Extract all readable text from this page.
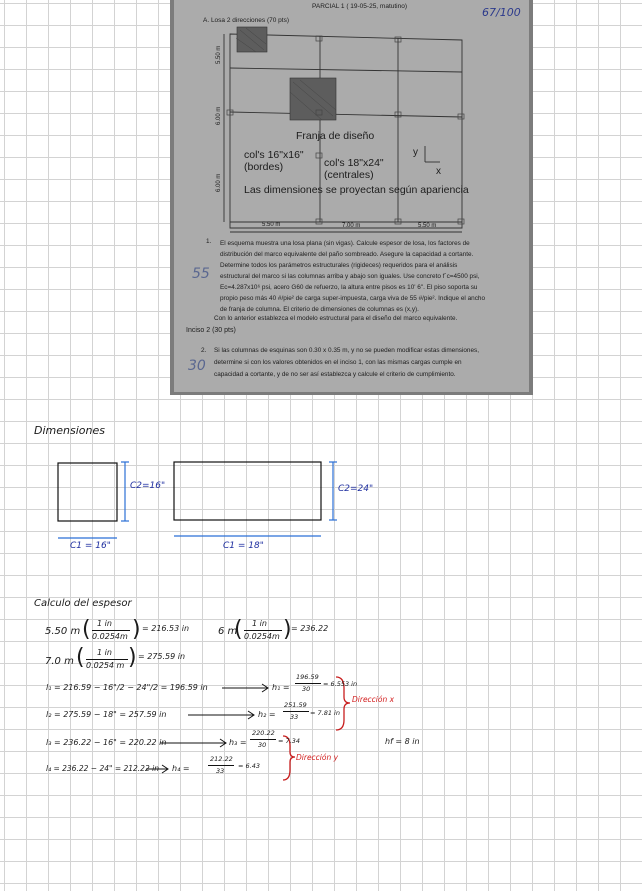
PARCIAL 1 ( 19-05-25, matutino)	67/100
A. Losa 2 direcciones (70 pts)
5.50 m
6.00 m
6.00 m
5.50 m	7.00 m	5.50 m
Franja de diseño
col's 16"x16"
(bordes)	col's 18"x24"
(centrales)
y
x
Las dimensiones se proyectan según apariencia
1. El esquema muestra una losa plana (sin vigas). Calcule espesor de losa, los factores de
distribución del marco equivalente del paño sombreado. Asegure la capacidad a cortante.
Determine todos los parámetros estructurales (rigideces) requeridos para el análisis
estructural del marco si las columnas arriba y abajo son iguales. Use concreto f´c=4500 psi,
Ec=4.287x10⁶ psi, acero G60 de refuerzo, la altura entre pisos es 10' 6". El piso soporta su
propio peso más 40 #/pie² de carga super-impuesta, carga viva de 55 #/pie². Indique el ancho
de franja de columna. El criterio de dimensiones de columnas es (x,y).
Con lo anterior establezca el modelo estructural para el diseño del marco equivalente.
55
Inciso 2 (30 pts)
2. Si las columnas de esquinas son 0.30 x 0.35 m, y no se pueden modificar estas dimensiones,
determine si con los valores obtenidos en el inciso 1, con las mismas cargas cumple en
capacidad a cortante, y de no ser así establezca y calcule el criterio de cumplimiento.
30
Dimensiones
C2=16"
C1 = 16"
C2=24"
C1 = 18"
Calculo del espesor
5.50 m ( 1 in
0.0254m ) = 216.53 in	6 m
( 1 in
0.0254m ) = 236.22
7.0 m ( 1 in
0.0254 m ) = 275.59 in
l₁ = 216.59 − 16"/2 − 24"/2 = 196.59 in	h₁ =
196.59
30
= 6.553 in
l₂ = 275.59 − 18" = 257.59 in	h₂ =
251.59
33 = 7.81 in
Dirección x
l₃ = 236.22 − 16" = 220.22 in	h₃ =
220.22
30 = 7.34	hf = 8 in
l₄ = 236.22 − 24" = 212.22 in h₄ =
212.22
33
= 6.43
Dirección y
